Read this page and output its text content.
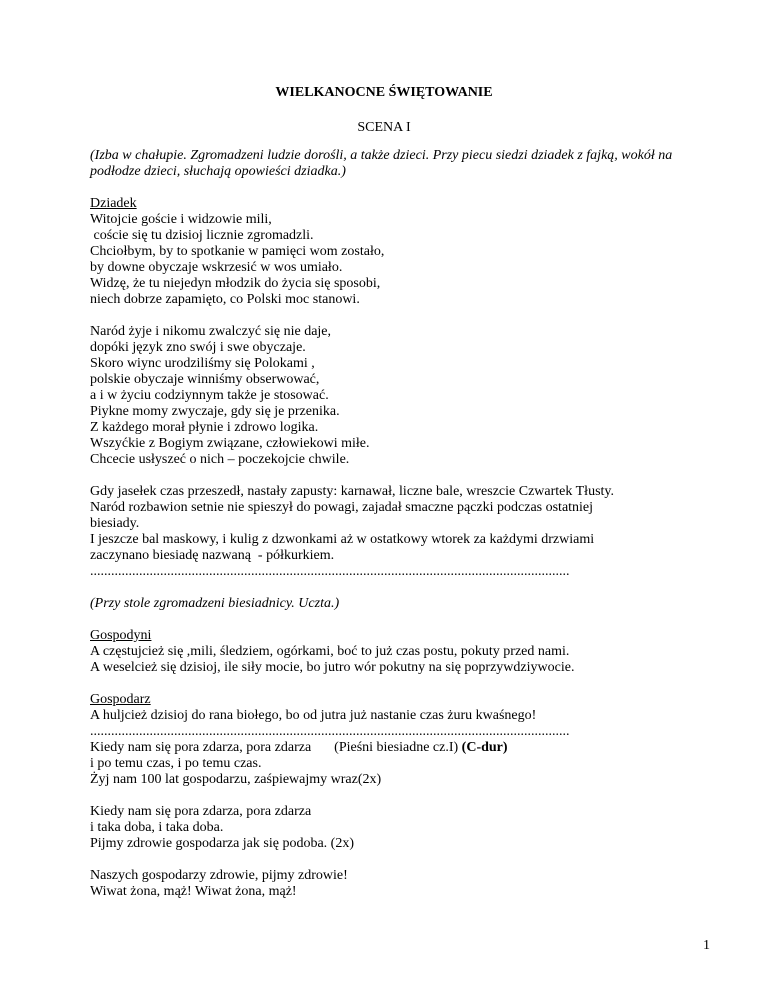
WIELKANOCNE ŚWIĘTOWANIE
SCENA I
(Izba w chałupie. Zgromadzeni ludzie dorośli, a także dzieci. Przy piecu siedzi dziadek z fajką, wokół na podłodze dzieci, słuchają opowieści dziadka.)
Dziadek
Witojcie goście i widzowie mili,
coście się tu dzisioj licznie zgromadzli.
Chciołbym, by to spotkanie w pamięci wom zostało,
by downe obyczaje wskrzesić w wos umiało.
Widzę, że tu niejedyn młodzik do życia się sposobi,
niech dobrze zapamięto, co Polski moc stanowi.
Naród żyje i nikomu zwalczyć się nie daje,
dopóki język zno swój i swe obyczaje.
Skoro wiync urodziliśmy się Polokami ,
polskie obyczaje winniśmy obserwować,
a i w życiu codziynnym także je stosować.
Piykne momy zwyczaje, gdy się je przenika.
Z każdego morał płynie i zdrowo logika.
Wszyćkie z Bogiym związane, człowiekowi miłe.
Chcecie usłyszeć o nich – poczekojcie chwile.
Gdy jasełek czas przeszedł, nastały zapusty: karnawał, liczne bale, wreszcie Czwartek Tłusty.
Naród rozbawion setnie nie spieszył do powagi, zajadał smaczne pączki podczas ostatniej
biesiady.
I jeszcze bal maskowy, i kulig z dzwonkami aż w ostatkowy wtorek za każdymi drzwiami
zaczynano biesiadę nazwaną  - półkurkiem.
.........................................................................................................................................
(Przy stole zgromadzeni biesiadnicy. Uczta.)
Gospodyni
A częstujcież się ,mili, śledziem, ogórkami, boć to już czas postu, pokuty przed nami.
A weselcież się dzisioj, ile siły mocie, bo jutro wór pokutny na się poprzywdziywocie.
Gospodarz
A huljcież dzisioj do rana biołego, bo od jutra już nastanie czas żuru kwaśnego!
.........................................................................................................................................
Kiedy nam się pora zdarza, pora zdarza (Pieśni biesiadne cz.I) (C-dur)
i po temu czas, i po temu czas.
Żyj nam 100 lat gospodarzu, zaśpiewajmy wraz(2x)
Kiedy nam się pora zdarza, pora zdarza
i taka doba, i taka doba.
Pijmy zdrowie gospodarza jak się podoba. (2x)
Naszych gospodarzy zdrowie, pijmy zdrowie!
Wiwat żona, mąż! Wiwat żona, mąż!
1
